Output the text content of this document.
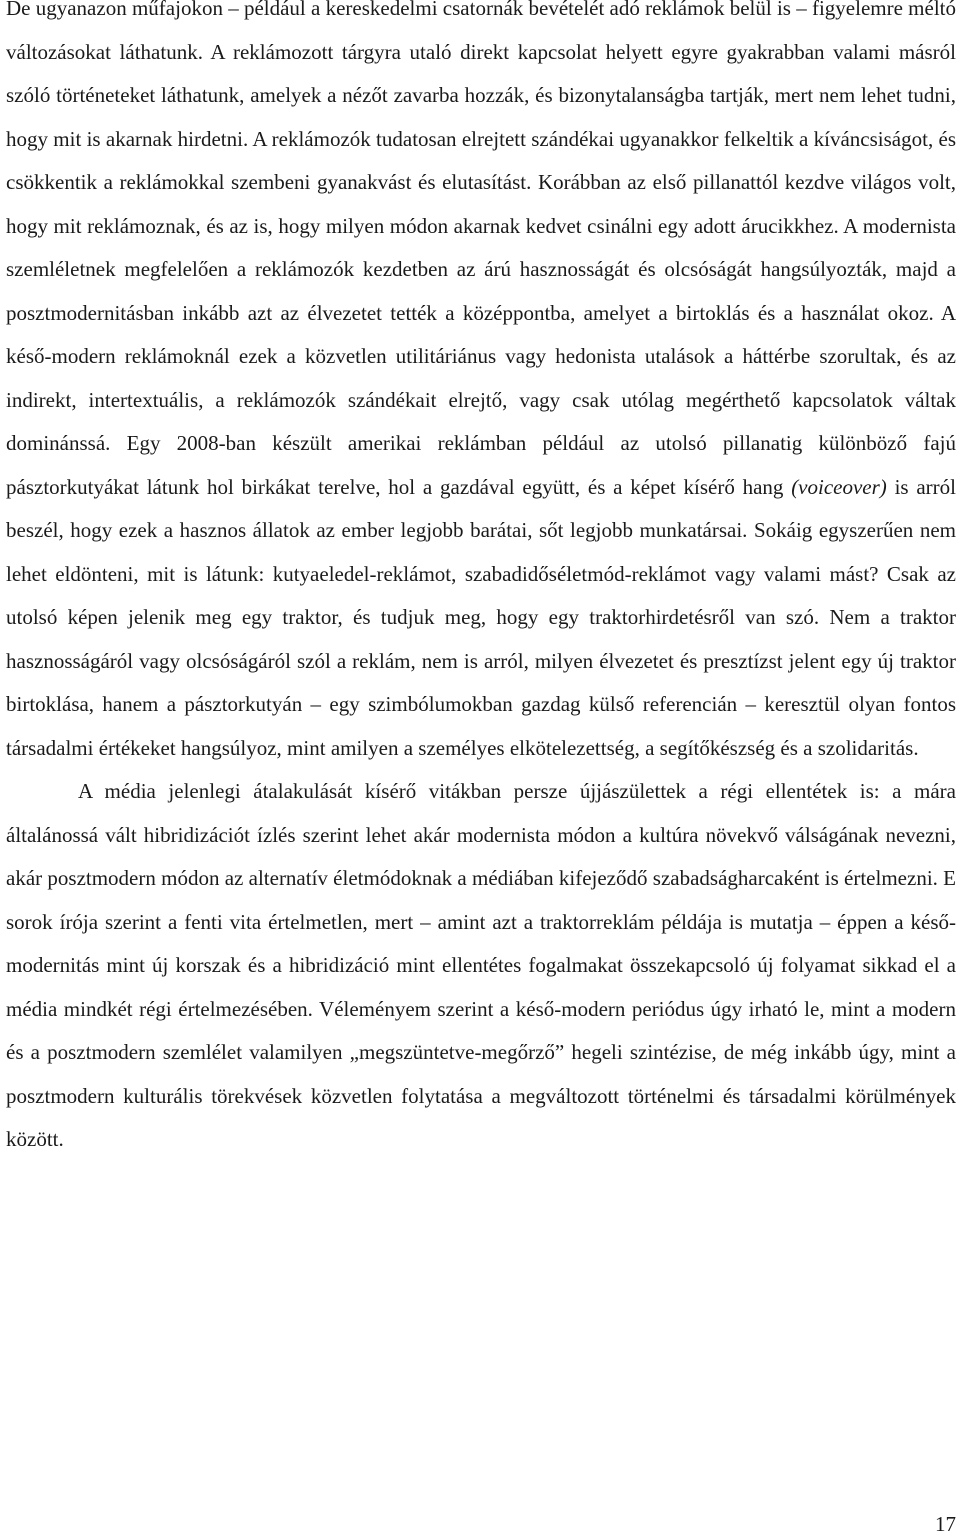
De ugyanazon műfajokon – például a kereskedelmi csatornák bevételét adó reklámok belül is – figyelemre méltó változásokat láthatunk. A reklámozott tárgyra utaló direkt kapcsolat helyett egyre gyakrabban valami másról szóló történeteket láthatunk, amelyek a nézőt zavarba hozzák, és bizonytalanságba tartják, mert nem lehet tudni, hogy mit is akarnak hirdetni. A reklámozók tudatosan elrejtett szándékai ugyanakkor felkeltik a kíváncsiságot, és csökkentik a reklámokkal szembeni gyanakvást és elutasítást. Korábban az első pillanattól kezdve világos volt, hogy mit reklámoznak, és az is, hogy milyen módon akarnak kedvet csinálni egy adott árucikkhez. A modernista szemléletnek megfelelően a reklámozók kezdetben az árú hasznosságát és olcsóságát hangsúlyozták, majd a posztmodernitásban inkább azt az élvezetet tették a középpontba, amelyet a birtoklás és a használat okoz. A késő-modern reklámoknál ezek a közvetlen utilitáriánus vagy hedonista utalások a háttérbe szorultak, és az indirekt, intertextuális, a reklámozók szándékait elrejtő, vagy csak utólag megérthető kapcsolatok váltak dominánssá. Egy 2008-ban készült amerikai reklámban például az utolsó pillanatig különböző fajú pásztorkutyákat látunk hol birkákat terelve, hol a gazdával együtt, és a képet kísérő hang (voiceover) is arról beszél, hogy ezek a hasznos állatok az ember legjobb barátai, sőt legjobb munkatársai. Sokáig egyszerűen nem lehet eldönteni, mit is látunk: kutyaeledel-reklámot, szabadidőséletmód-reklámot vagy valami mást? Csak az utolsó képen jelenik meg egy traktor, és tudjuk meg, hogy egy traktorhirdetésről van szó. Nem a traktor hasznosságáról vagy olcsóságáról szól a reklám, nem is arról, milyen élvezetet és presztízst jelent egy új traktor birtoklása, hanem a pásztorkutyán – egy szimbólumokban gazdag külső referencián – keresztül olyan fontos társadalmi értékeket hangsúlyoz, mint amilyen a személyes elkötelezettség, a segítőkészség és a szolidaritás.

A média jelenlegi átalakulását kísérő vitákban persze újjászülettek a régi ellentétek is: a mára általánossá vált hibridizációt ízlés szerint lehet akár modernista módon a kultúra növekvő válságának nevezni, akár posztmodern módon az alternatív életmódoknak a médiában kifejeződő szabadságharcaként is értelmezni. E sorok írója szerint a fenti vita értelmetlen, mert – amint azt a traktorreklám példája is mutatja – éppen a késő-modernitás mint új korszak és a hibridizáció mint ellentétes fogalmakat összekapcsoló új folyamat sikkad el a média mindkét régi értelmezésében. Véleményem szerint a késő-modern periódus úgy irható le, mint a modern és a posztmodern szemlélet valamilyen „megszüntetve-megőrző” hegeli szintézise, de még inkább úgy, mint a posztmodern kulturális törekvések közvetlen folytatása a megváltozott történelmi és társadalmi körülmények között.

17
